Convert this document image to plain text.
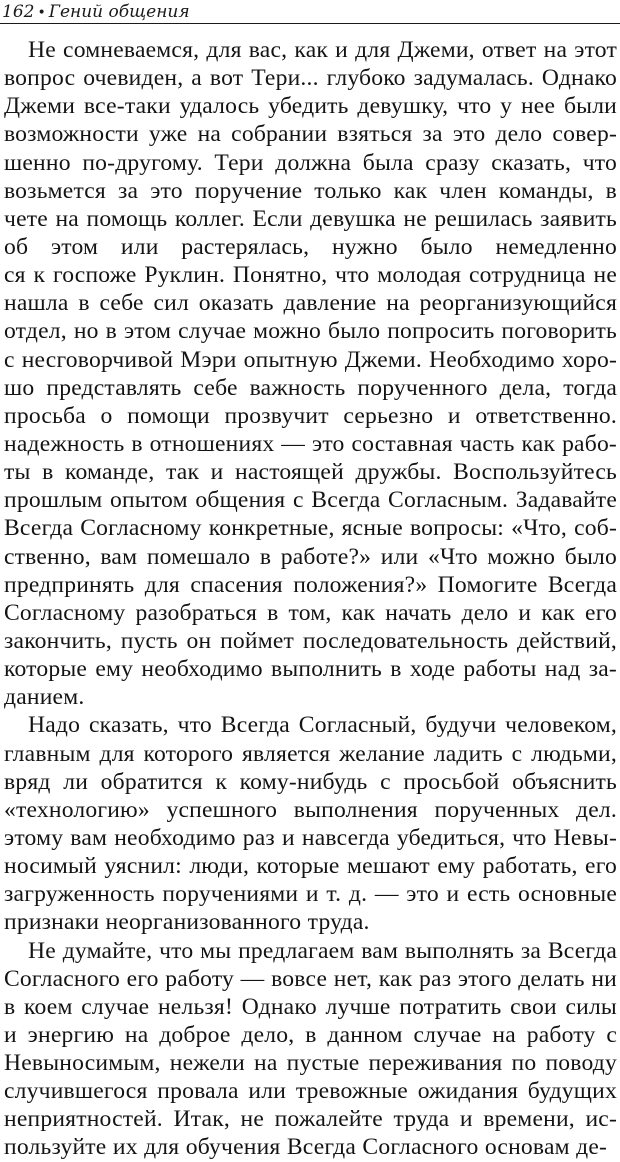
162 • Гений общения
Не сомневаемся, для вас, как и для Джеми, ответ на этот
вопрос очевиден, а вот Тери... глубоко задумалась. Однако
Джеми все-таки удалось убедить девушку, что у нее были
возможности уже на собрании взяться за это дело совер-
шенно по-другому. Тери должна была сразу сказать, что
возьмется за это поручение только как член команды, в
чете на помощь коллег. Если девушка не решилась заявить
об этом или растерялась, нужно было немедленно
ся к госпоже Руклин. Понятно, что молодая сотрудница не
нашла в себе сил оказать давление на реорганизующийся
отдел, но в этом случае можно было попросить поговорить
с несговорчивой Мэри опытную Джеми. Необходимо хоро-
шо представлять себе важность порученного дела, тогда
просьба о помощи прозвучит серьезно и ответственно.
надежность в отношениях — это составная часть как рабо-
ты в команде, так и настоящей дружбы. Воспользуйтесь
прошлым опытом общения с Всегда Согласным. Задавайте
Всегда Согласному конкретные, ясные вопросы: «Что, соб-
ственно, вам помешало в работе?» или «Что можно было
предпринять для спасения положения?» Помогите Всегда
Согласному разобраться в том, как начать дело и как его
закончить, пусть он поймет последовательность действий,
которые ему необходимо выполнить в ходе работы над за-
данием.
Надо сказать, что Всегда Согласный, будучи человеком,
главным для которого является желание ладить с людьми,
вряд ли обратится к кому-нибудь с просьбой объяснить
«технологию» успешного выполнения порученных дел.
этому вам необходимо раз и навсегда убедиться, что Невы-
носимый уяснил: люди, которые мешают ему работать, его
загруженность поручениями и т. д. — это и есть основные
признаки неорганизованного труда.
Не думайте, что мы предлагаем вам выполнять за Всегда
Согласного его работу — вовсе нет, как раз этого делать ни
в коем случае нельзя! Однако лучше потратить свои силы
и энергию на доброе дело, в данном случае на работу с
Невыносимым, нежели на пустые переживания по поводу
случившегося провала или тревожные ожидания будущих
неприятностей. Итак, не пожалейте труда и времени, ис-
пользуйте их для обучения Всегда Согласного основам де-
